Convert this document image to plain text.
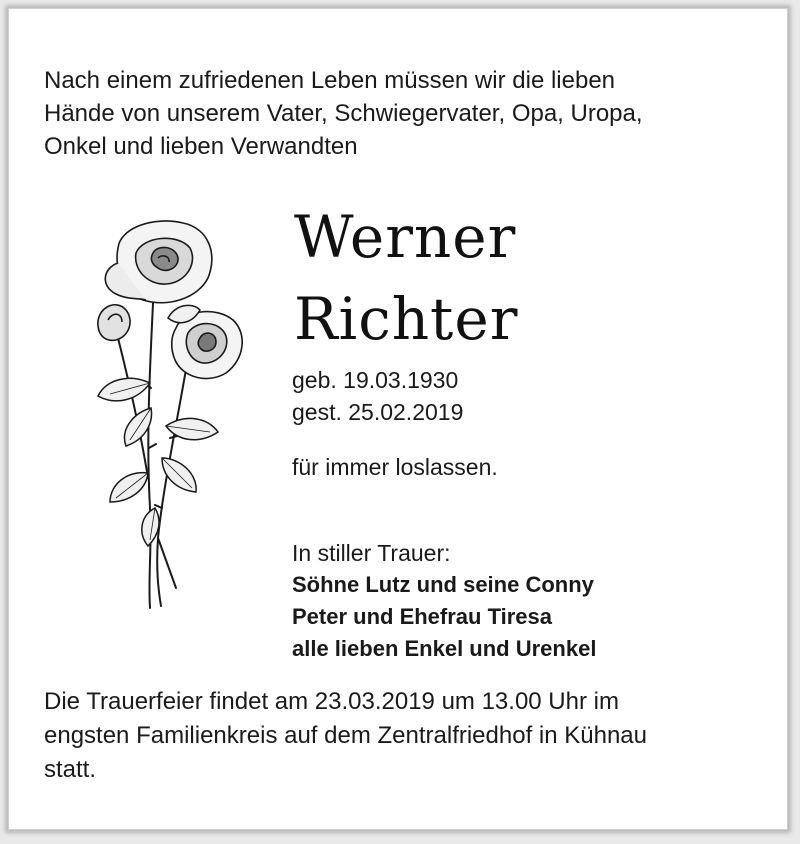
Nach einem zufriedenen Leben müssen wir die lieben
Hände von unserem Vater, Schwiegervater, Opa, Uropa,
Onkel und lieben Verwandten

Werner
Richter

geb. 19.03.1930
gest. 25.02.2019

für immer loslassen.

In stiller Trauer:

Söhne Lutz und seine Conny
Peter und Ehefrau Tiresa
alle lieben Enkel und Urenkel

Die Trauerfeier findet am 23.03.2019 um 13.00 Uhr im
engsten Familienkreis auf dem Zentralfriedhof in Kühnau
statt.
